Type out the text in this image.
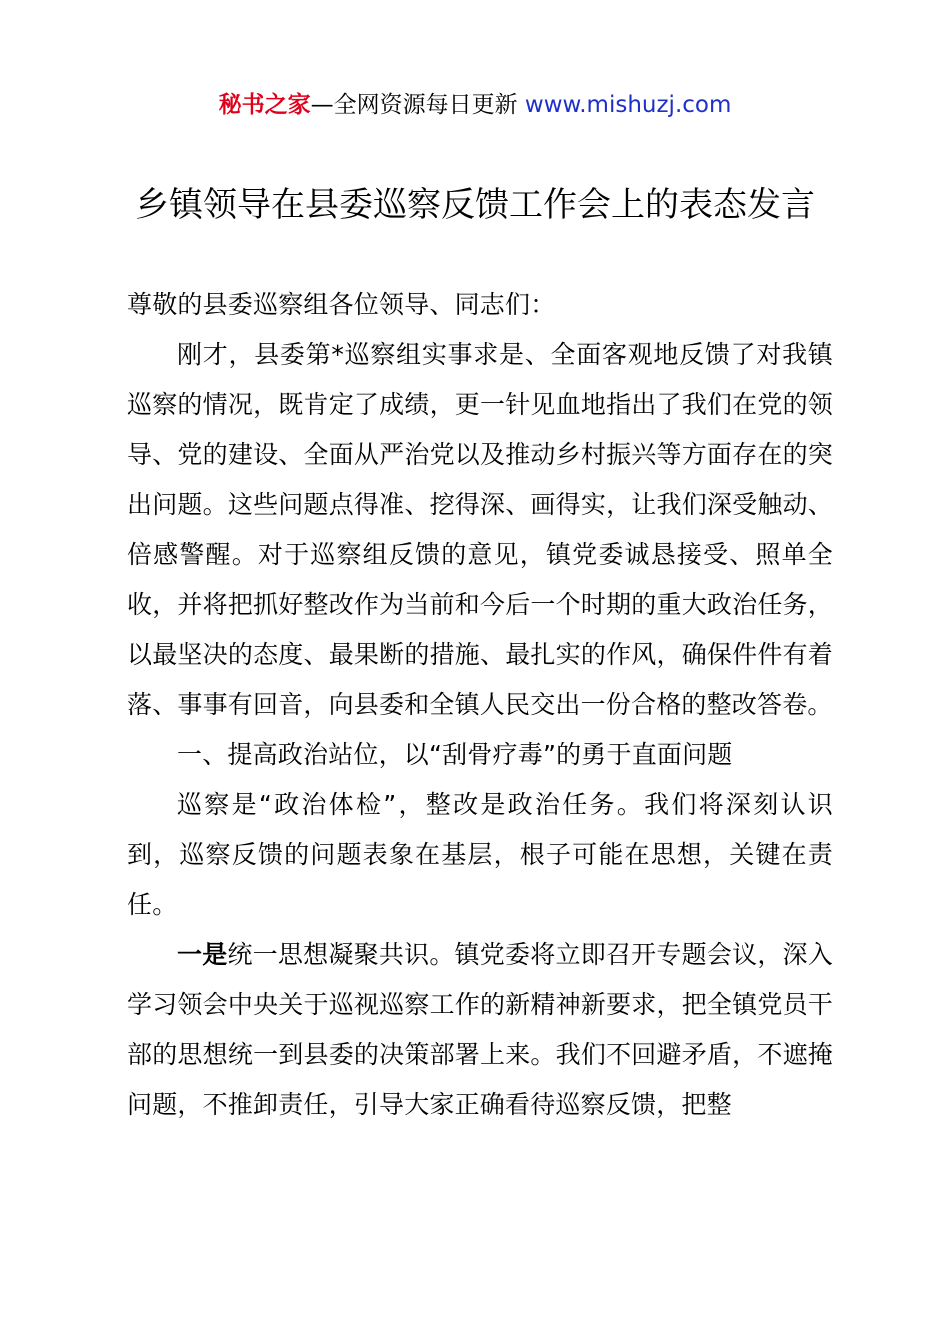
秘书之家—全网资源每日更新 www.mishuzj.com
乡镇领导在县委巡察反馈工作会上的表态发言

尊敬的县委巡察组各位领导、同志们：

刚才，县委第*巡察组实事求是、全面客观地反馈了对我镇巡察的情况，既肯定了成绩，更一针见血地指出了我们在党的领导、党的建设、全面从严治党以及推动乡村振兴等方面存在的突出问题。这些问题点得准、挖得深、画得实，让我们深受触动、倍感警醒。对于巡察组反馈的意见，镇党委诚恳接受、照单全收，并将把抓好整改作为当前和今后一个时期的重大政治任务，以最坚决的态度、最果断的措施、最扎实的作风，确保件件有着落、事事有回音，向县委和全镇人民交出一份合格的整改答卷。

一、提高政治站位，以“刮骨疗毒”的勇于直面问题

巡察是“政治体检”，整改是政治任务。我们将深刻认识到，巡察反馈的问题表象在基层，根子可能在思想，关键在责任。

一是统一思想凝聚共识。镇党委将立即召开专题会议，深入学习领会中央关于巡视巡察工作的新精神新要求，把全镇党员干部的思想统一到县委的决策部署上来。我们不回避矛盾，不遮掩问题，不推卸责任，引导大家正确看待巡察反馈，把整
